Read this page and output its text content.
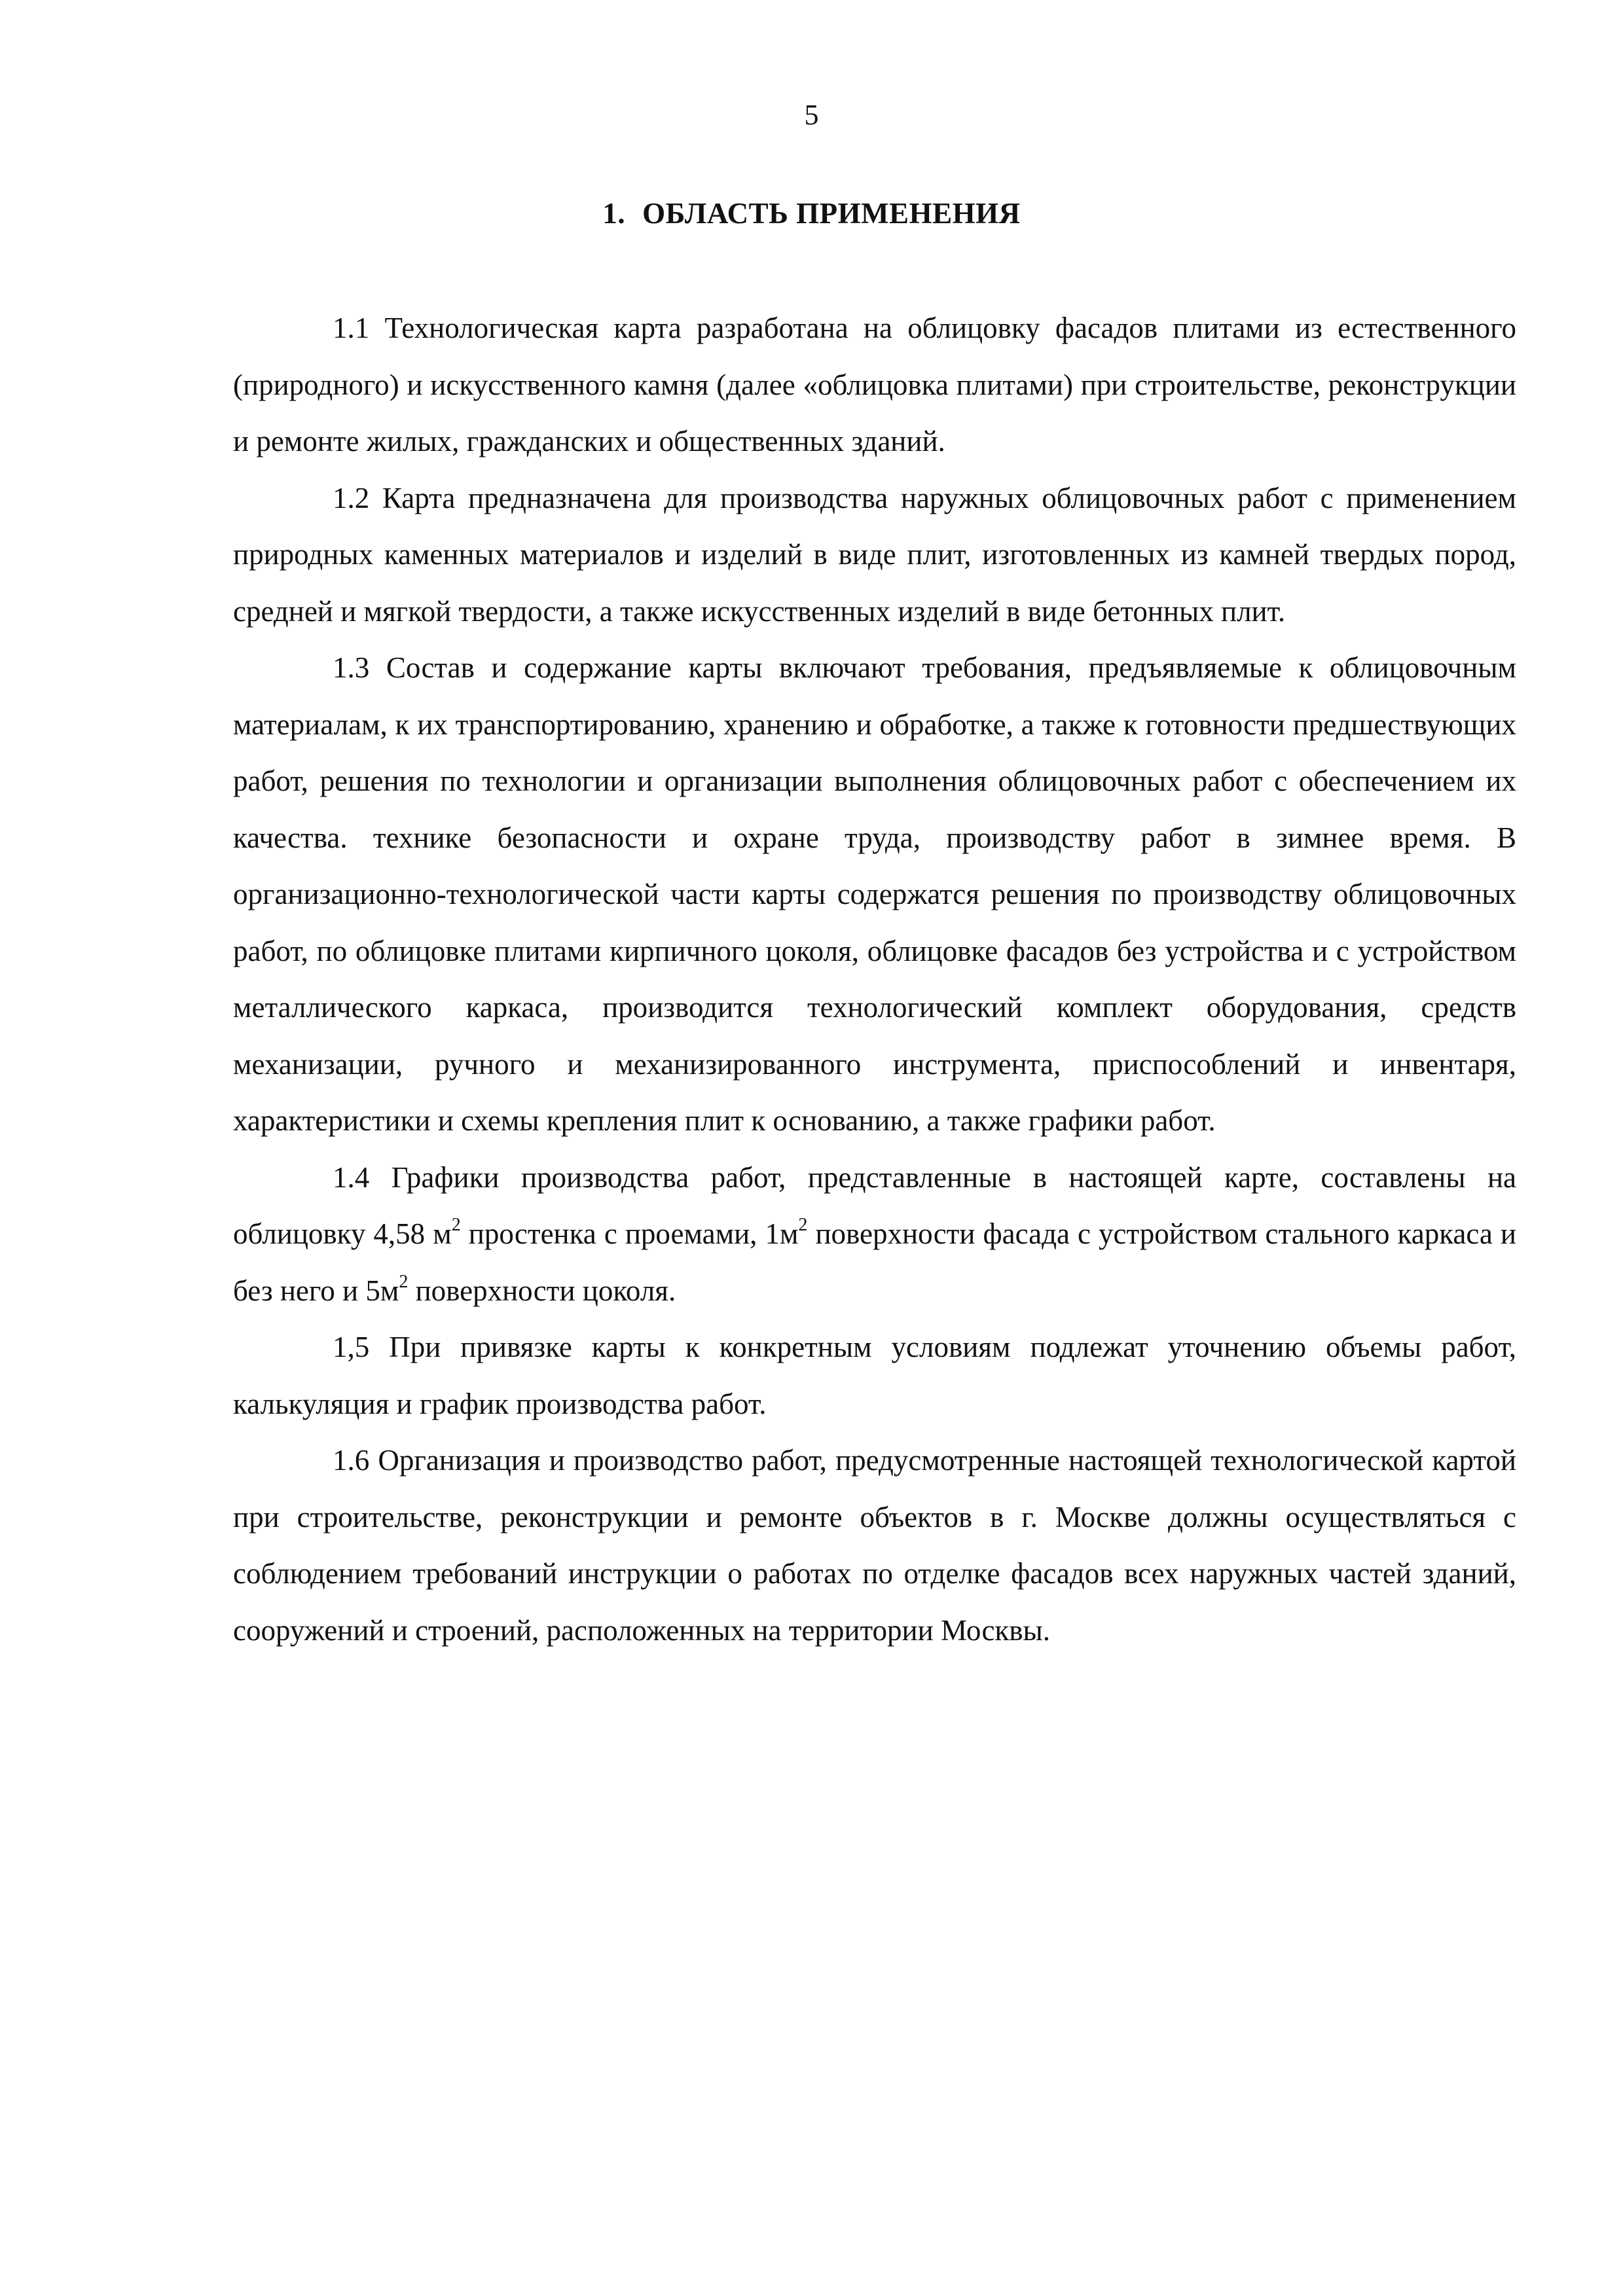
5
1. ОБЛАСТЬ ПРИМЕНЕНИЯ

1.1 Технологическая карта разработана на облицовку фасадов плитами из естественного (природного) и искусственного камня (далее «облицовка плитами) при строительстве, реконструкции и ремонте жилых, гражданских и общественных зданий.

1.2 Карта предназначена для производства наружных облицовочных работ с применением природных каменных материалов и изделий в виде плит, изготовленных из камней твердых пород, средней и мягкой твердости, а также искусственных изделий в виде бетонных плит.

1.3 Состав и содержание карты включают требования, предъявляемые к облицовочным материалам, к их транспортированию, хранению и обработке, а также к готовности предшествующих работ, решения по технологии и организации выполнения облицовочных работ с обеспечением их качества. технике безопасности и охране труда, производству работ в зимнее время. В организационно-технологической части карты содержатся решения по производству облицовочных работ, по облицовке плитами кирпичного цоколя, облицовке фасадов без устройства и с устройством металлического каркаса, производится технологический комплект оборудования, средств механизации, ручного и механизированного инструмента, приспособлений и инвентаря, характеристики и схемы крепления плит к основанию, а также графики работ.

1.4 Графики производства работ, представленные в настоящей карте, составлены на облицовку 4,58 $м^2$ простенка с проемами, $1м^2$ поверхности фасада с устройством стального каркаса и без него и $5м^2$ поверхности цоколя.

1,5 При привязке карты к конкретным условиям подлежат уточнению объемы работ, калькуляция и график производства работ.

1.6 Организация и производство работ, предусмотренные настоящей технологической картой при строительстве, реконструкции и ремонте объектов в г. Москве должны осуществляться с соблюдением требований инструкции о работах по отделке фасадов всех наружных частей зданий, сооружений и строений, расположенных на территории Москвы.
